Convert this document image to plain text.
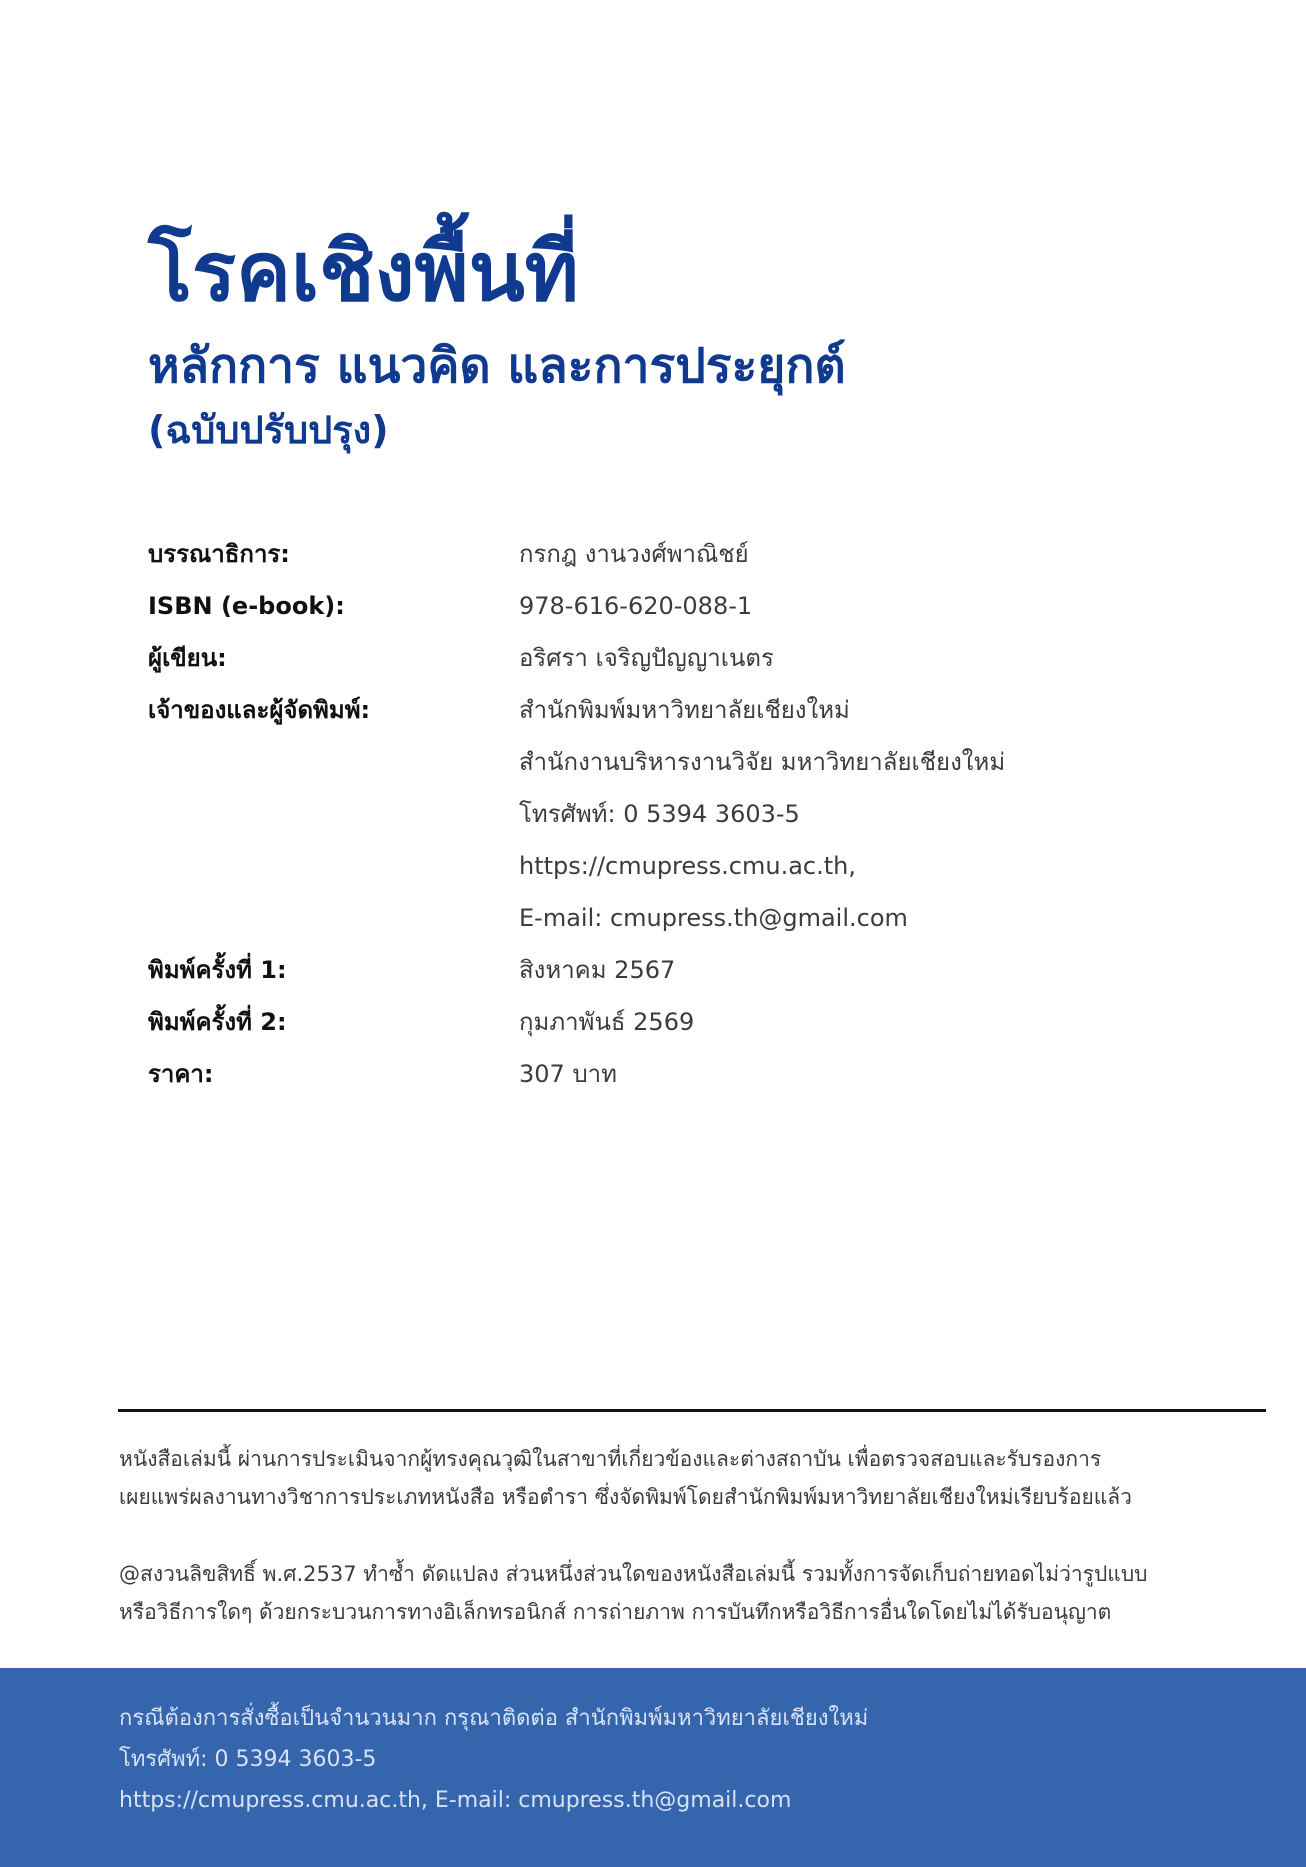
โรคเชิงพื้นที่
หลักการ แนวคิด และการประยุกต์
(ฉบับปรับปรุง)
บรรณาธิการ:	กรกฎ งานวงศ์พาณิชย์
ISBN (e-book):	978-616-620-088-1
ผู้เขียน:	อริศรา เจริญปัญญาเนตร
เจ้าของและผู้จัดพิมพ์:	สำนักพิมพ์มหาวิทยาลัยเชียงใหม่
สำนักงานบริหารงานวิจัย มหาวิทยาลัยเชียงใหม่
โทรศัพท์: 0 5394 3603-5
https://cmupress.cmu.ac.th,
E-mail: cmupress.th@gmail.com
พิมพ์ครั้งที่ 1:	สิงหาคม 2567
พิมพ์ครั้งที่ 2:	กุมภาพันธ์ 2569
ราคา:	307 บาท
หนังสือเล่มนี้ ผ่านการประเมินจากผู้ทรงคุณวุฒิในสาขาที่เกี่ยวข้องและต่างสถาบัน เพื่อตรวจสอบและรับรองการ
เผยแพร่ผลงานทางวิชาการประเภทหนังสือ หรือตำรา ซึ่งจัดพิมพ์โดยสำนักพิมพ์มหาวิทยาลัยเชียงใหม่เรียบร้อยแล้ว
@สงวนลิขสิทธิ์ พ.ศ.2537 ทำซ้ำ ดัดแปลง ส่วนหนึ่งส่วนใดของหนังสือเล่มนี้ รวมทั้งการจัดเก็บถ่ายทอดไม่ว่ารูปแบบ
หรือวิธีการใดๆ ด้วยกระบวนการทางอิเล็กทรอนิกส์ การถ่ายภาพ การบันทึกหรือวิธีการอื่นใดโดยไม่ได้รับอนุญาต
กรณีต้องการสั่งซื้อเป็นจำนวนมาก กรุณาติดต่อ สำนักพิมพ์มหาวิทยาลัยเชียงใหม่
โทรศัพท์: 0 5394 3603-5
https://cmupress.cmu.ac.th, E-mail: cmupress.th@gmail.com
